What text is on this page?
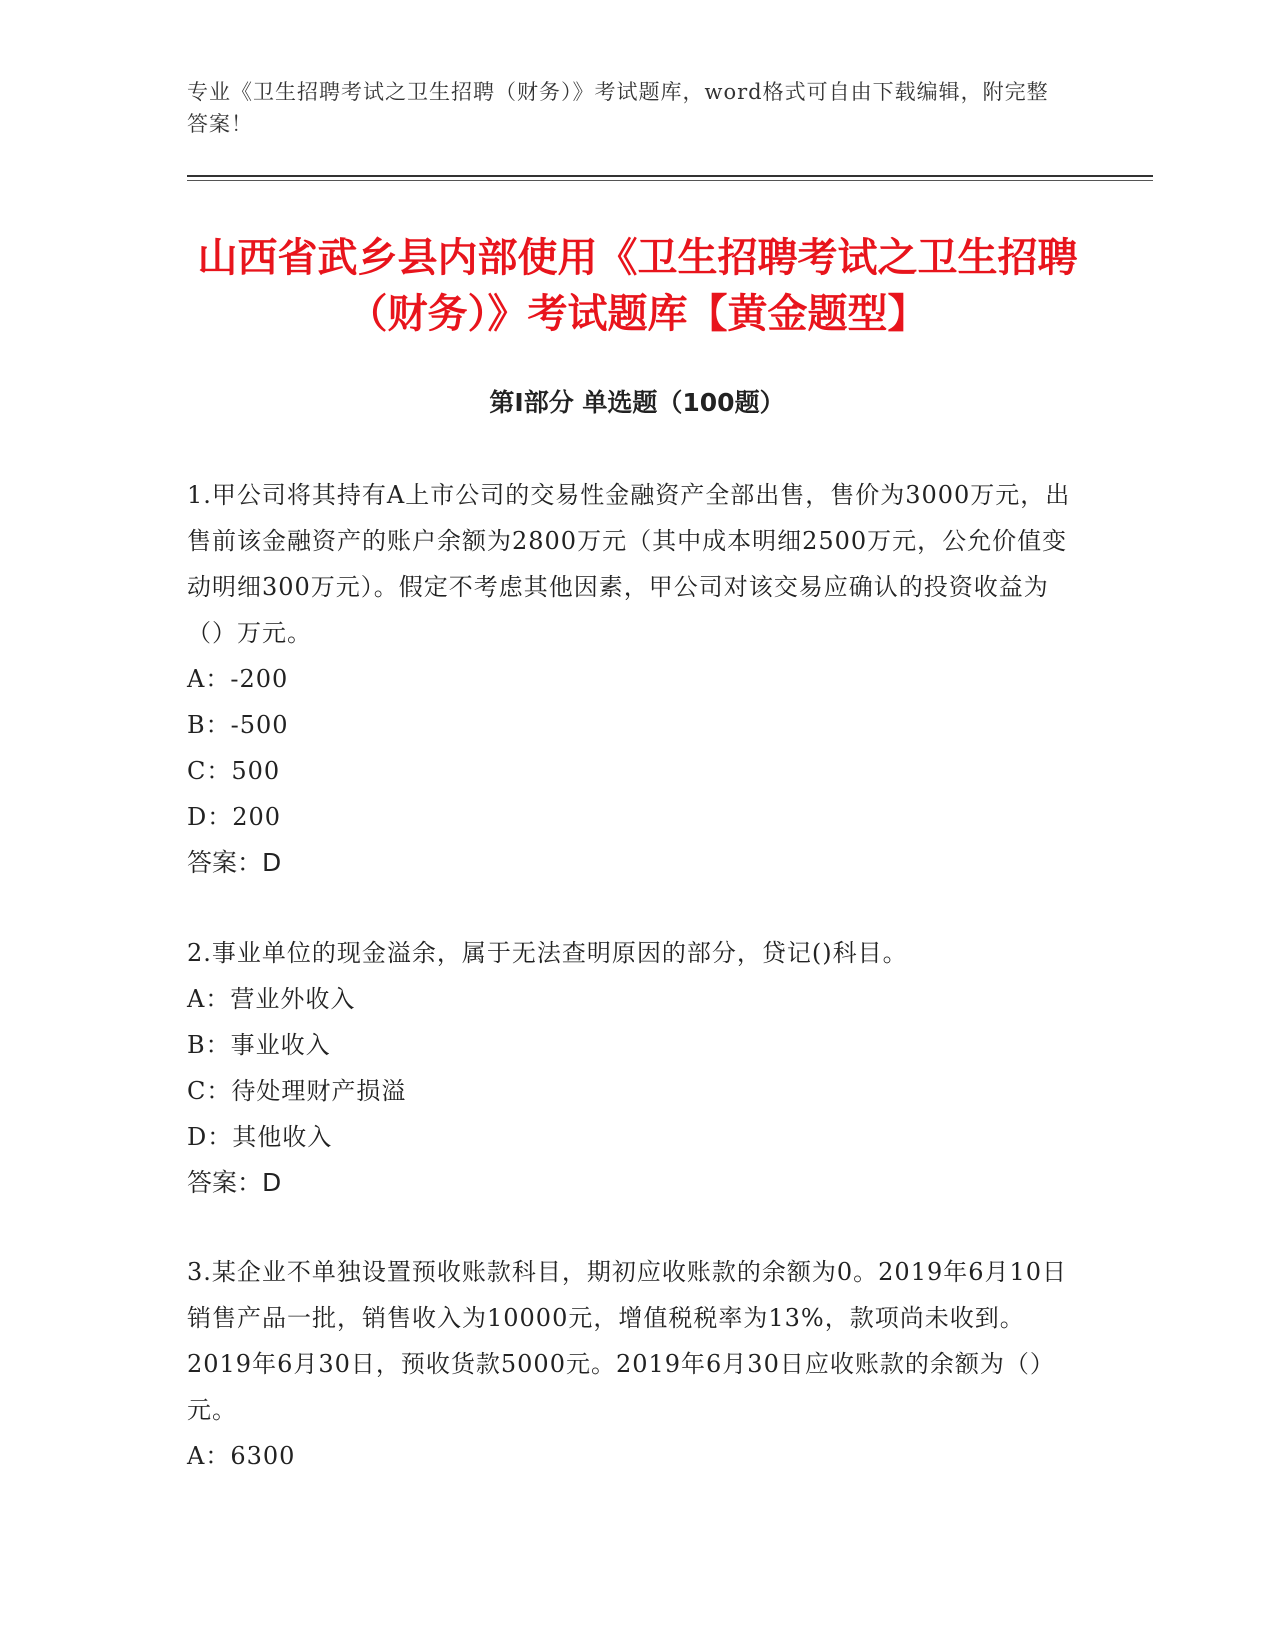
专业《卫生招聘考试之卫生招聘（财务）》考试题库，word格式可自由下载编辑，附完整答案！
山西省武乡县内部使用《卫生招聘考试之卫生招聘（财务）》考试题库【黄金题型】
第I部分 单选题（100题）

1.甲公司将其持有A上市公司的交易性金融资产全部出售，售价为3000万元，出售前该金融资产的账户余额为2800万元（其中成本明细2500万元，公允价值变动明细300万元）。假定不考虑其他因素，甲公司对该交易应确认的投资收益为（）万元。

A：-200

B：-500

C：500

D：200

答案：D

2.事业单位的现金溢余，属于无法查明原因的部分，贷记()科目。

A：营业外收入

B：事业收入

C：待处理财产损溢

D：其他收入

答案：D

3.某企业不单独设置预收账款科目，期初应收账款的余额为0。2019年6月10日销售产品一批，销售收入为10000元，增值税税率为13%，款项尚未收到。2019年6月30日，预收货款5000元。2019年6月30日应收账款的余额为（）元。

A：6300
